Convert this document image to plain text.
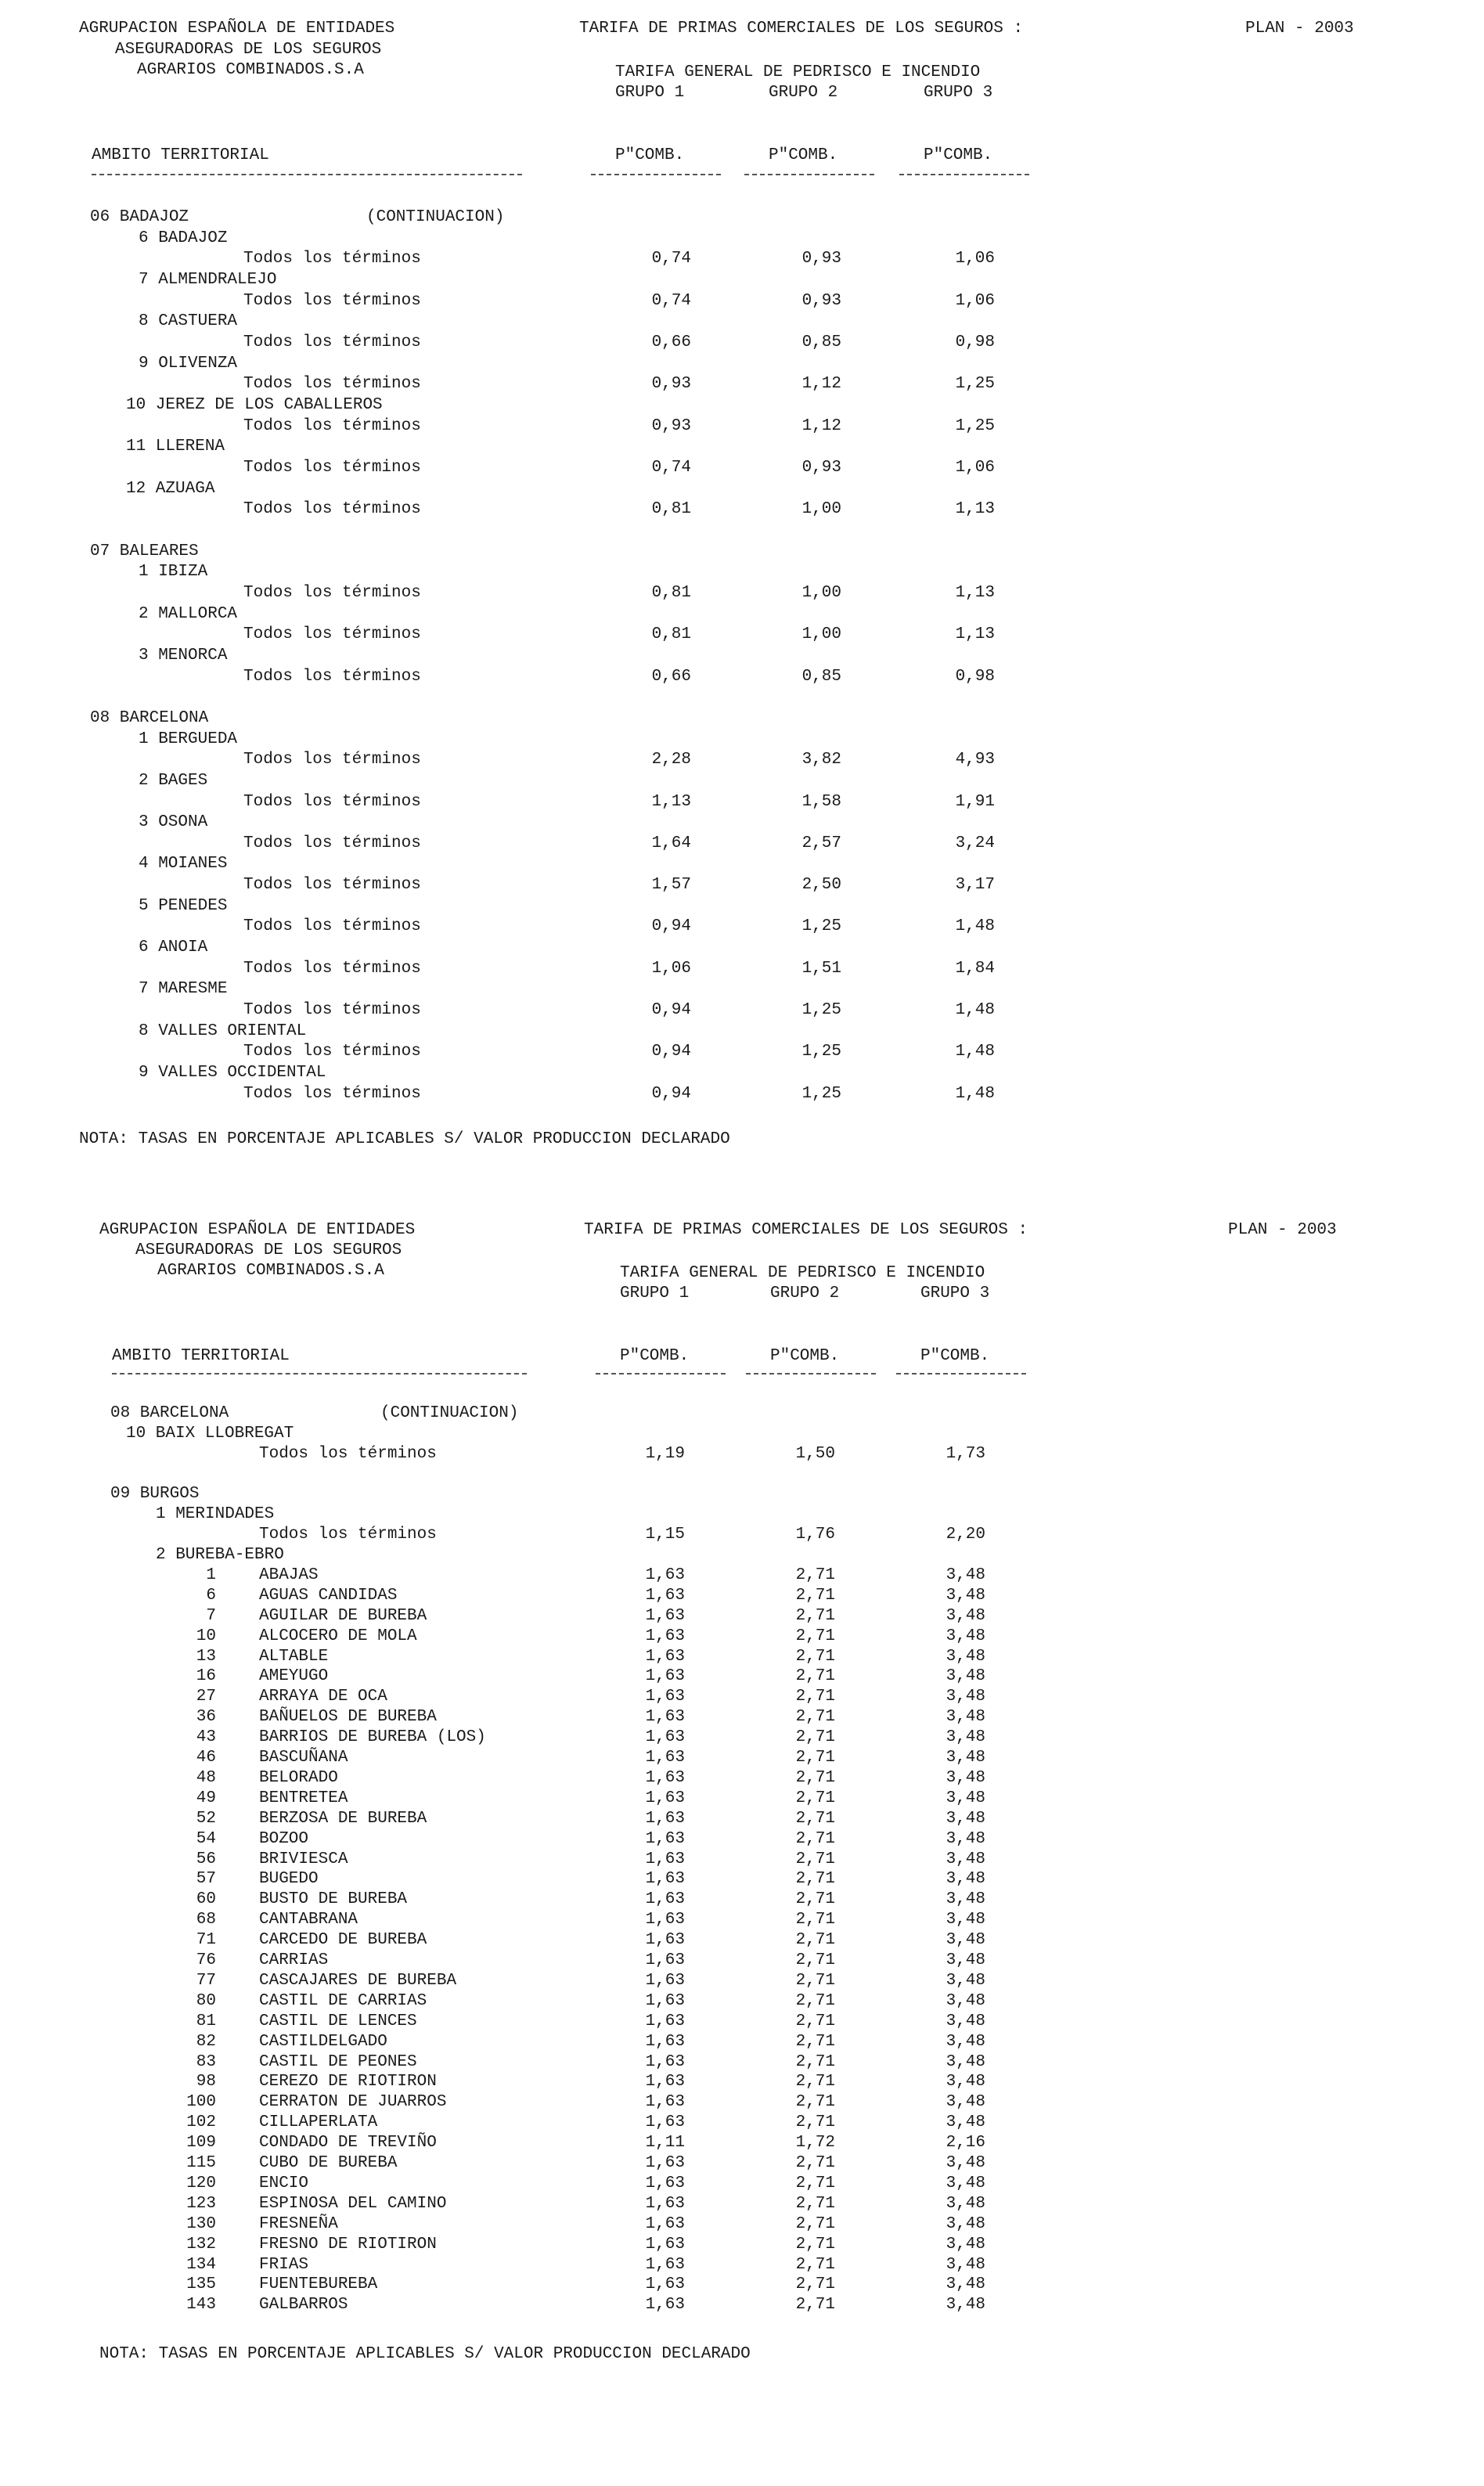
AGRUPACION ESPAÑOLA DE ENTIDADES
ASEGURADORAS DE LOS SEGUROS
AGRARIOS COMBINADOS.S.A
TARIFA DE PRIMAS COMERCIALES DE LOS SEGUROS :	PLAN - 2003
TARIFA GENERAL DE PEDRISCO E INCENDIO
GRUPO 1	GRUPO 2	GRUPO 3
AMBITO TERRITORIAL	P"COMB.	P"COMB.	P"COMB.
06 BADAJOZ	(CONTINUACION)
6 BADAJOZ
Todos los términos	0,74	0,93	1,06
7 ALMENDRALEJO
Todos los términos	0,74	0,93	1,06
8 CASTUERA
Todos los términos	0,66	0,85	0,98
9 OLIVENZA
Todos los términos	0,93	1,12	1,25
10 JEREZ DE LOS CABALLEROS
Todos los términos	0,93	1,12	1,25
11 LLERENA
Todos los términos	0,74	0,93	1,06
12 AZUAGA
Todos los términos	0,81	1,00	1,13
07 BALEARES
1 IBIZA
Todos los términos	0,81	1,00	1,13
2 MALLORCA
Todos los términos	0,81	1,00	1,13
3 MENORCA
Todos los términos	0,66	0,85	0,98
08 BARCELONA
1 BERGUEDA
Todos los términos	2,28	3,82	4,93
2 BAGES
Todos los términos	1,13	1,58	1,91
3 OSONA
Todos los términos	1,64	2,57	3,24
4 MOIANES
Todos los términos	1,57	2,50	3,17
5 PENEDES
Todos los términos	0,94	1,25	1,48
6 ANOIA
Todos los términos	1,06	1,51	1,84
7 MARESME
Todos los términos	0,94	1,25	1,48
8 VALLES ORIENTAL
Todos los términos	0,94	1,25	1,48
9 VALLES OCCIDENTAL
Todos los términos	0,94	1,25	1,48
NOTA: TASAS EN PORCENTAJE APLICABLES S/ VALOR PRODUCCION DECLARADO
AGRUPACION ESPAÑOLA DE ENTIDADES
ASEGURADORAS DE LOS SEGUROS
AGRARIOS COMBINADOS.S.A
TARIFA DE PRIMAS COMERCIALES DE LOS SEGUROS :	PLAN - 2003
TARIFA GENERAL DE PEDRISCO E INCENDIO
GRUPO 1	GRUPO 2	GRUPO 3
AMBITO TERRITORIAL	P"COMB.	P"COMB.	P"COMB.
08 BARCELONA	(CONTINUACION)
10 BAIX LLOBREGAT
Todos los términos	1,19	1,50	1,73
09 BURGOS
1 MERINDADES
Todos los términos	1,15	1,76	2,20
2 BUREBA-EBRO
1	ABAJAS	1,63	2,71	3,48
6	AGUAS CANDIDAS	1,63	2,71	3,48
7	AGUILAR DE BUREBA	1,63	2,71	3,48
10	ALCOCERO DE MOLA	1,63	2,71	3,48
13	ALTABLE	1,63	2,71	3,48
16	AMEYUGO	1,63	2,71	3,48
27	ARRAYA DE OCA	1,63	2,71	3,48
36	BAÑUELOS DE BUREBA	1,63	2,71	3,48
43	BARRIOS DE BUREBA (LOS)	1,63	2,71	3,48
46	BASCUÑANA	1,63	2,71	3,48
48	BELORADO	1,63	2,71	3,48
49	BENTRETEA	1,63	2,71	3,48
52	BERZOSA DE BUREBA	1,63	2,71	3,48
54	BOZOO	1,63	2,71	3,48
56	BRIVIESCA	1,63	2,71	3,48
57	BUGEDO	1,63	2,71	3,48
60	BUSTO DE BUREBA	1,63	2,71	3,48
68	CANTABRANA	1,63	2,71	3,48
71	CARCEDO DE BUREBA	1,63	2,71	3,48
76	CARRIAS	1,63	2,71	3,48
77	CASCAJARES DE BUREBA	1,63	2,71	3,48
80	CASTIL DE CARRIAS	1,63	2,71	3,48
81	CASTIL DE LENCES	1,63	2,71	3,48
82	CASTILDELGADO	1,63	2,71	3,48
83	CASTIL DE PEONES	1,63	2,71	3,48
98	CEREZO DE RIOTIRON	1,63	2,71	3,48
100	CERRATON DE JUARROS	1,63	2,71	3,48
102	CILLAPERLATA	1,63	2,71	3,48
109	CONDADO DE TREVIÑO	1,11	1,72	2,16
115	CUBO DE BUREBA	1,63	2,71	3,48
120	ENCIO	1,63	2,71	3,48
123	ESPINOSA DEL CAMINO	1,63	2,71	3,48
130	FRESNEÑA	1,63	2,71	3,48
132	FRESNO DE RIOTIRON	1,63	2,71	3,48
134	FRIAS	1,63	2,71	3,48
135	FUENTEBUREBA	1,63	2,71	3,48
143	GALBARROS	1,63	2,71	3,48
NOTA: TASAS EN PORCENTAJE APLICABLES S/ VALOR PRODUCCION DECLARADO
